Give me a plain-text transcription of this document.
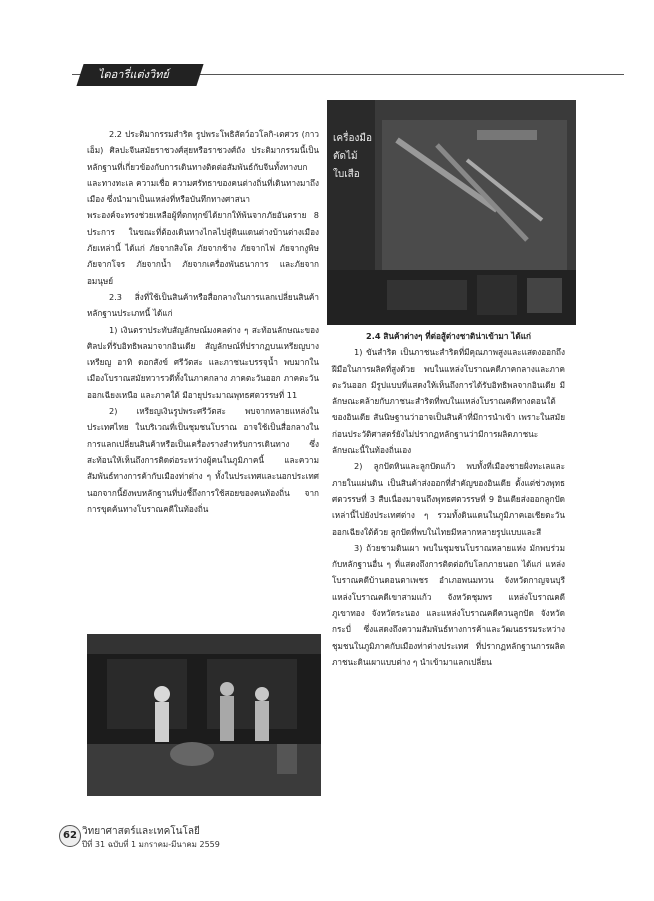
ไดอารี่แต่งวิทย์

2.2 ประติมากรรมสำริด รูปพระโพธิสัตว์อวโลกิ-เตศวร (กาวเอ็ม) ศิลปะจีนสมัยราชวงศ์สุยหรือราชวงศ์ถัง ประติมากรรมนี้เป็นหลักฐานที่เกี่ยวข้องกับการเดินทางติดต่อสัมพันธ์กับจีนทั้งทางบกและทางทะเล ความเชื่อ ความศรัทธาของคนต่างถิ่นที่เดินทางมาถึงเมือง ซึ่งนำมาเป็นแหล่งที่หรือบันทึกทางศาสนา

พระองค์จะทรงช่วยเหลือผู้ที่ตกทุกข์ได้ยากให้พ้นจากภัยอันตราย 8 ประการ ในขณะที่ต้องเดินทางไกลไปสู่ดินแดนต่างบ้านต่างเมือง ภัยเหล่านี้ ได้แก่ ภัยจากสิงโต ภัยจากช้าง ภัยจากไฟ ภัยจากงูพิษ ภัยจากโจร ภัยจากน้ำ ภัยจากเครื่องพันธนาการ และภัยจากอมนุษย์

2.3 สิ่งที่ใช้เป็นสินค้าหรือสื่อกลางในการแลกเปลี่ยนสินค้า หลักฐานประเภทนี้ ได้แก่

1) เงินตราประทับสัญลักษณ์มงคลต่าง ๆ สะท้อนลักษณะของศิลปะที่รับอิทธิพลมาจากอินเดีย สัญลักษณ์ที่ปรากฏบนเหรียญบางเหรียญ อาทิ ดอกสังข์ ศรีวัตสะ และภาชนะบรรจุน้ำ พบมากในเมืองโบราณสมัยทวารวดีทั้งในภาคกลาง ภาคตะวันออก ภาคตะวันออกเฉียงเหนือ และภาคใต้ มีอายุประมาณพุทธศตวรรษที่ 11

2) เหรียญเงินรูปพระศรีวัตสะ พบจากหลายแหล่งในประเทศไทย ในบริเวณที่เป็นชุมชนโบราณ อาจใช้เป็นสื่อกลางในการแลกเปลี่ยนสินค้าหรือเป็นเครื่องรางสำหรับการเดินทาง ซึ่งสะท้อนให้เห็นถึงการติดต่อระหว่างผู้คนในภูมิภาคนี้ และความสัมพันธ์ทางการค้ากับเมืองท่าต่าง ๆ ทั้งในประเทศและนอกประเทศ นอกจากนี้ยังพบหลักฐานที่บ่งชี้ถึงการใช้สอยของคนท้องถิ่น จากการขุดค้นทางโบราณคดีในท้องถิ่น

เครื่องมือ
ตัดไม้
ใบเสือ

2.4 สินค้าต่างๆ ที่ต่อสู้ต่างชาติน่าเข้ามา ได้แก่

1) ขันสำริด เป็นภาชนะสำริดที่มีคุณภาพสูงและแสดงออกถึงฝีมือในการผลิตที่สูงด้วย พบในแหล่งโบราณคดีภาคกลางและภาคตะวันออก มีรูปแบบที่แสดงให้เห็นถึงการได้รับอิทธิพลจากอินเดีย มีลักษณะคล้ายกับภาชนะสำริดที่พบในแหล่งโบราณคดีทางตอนใต้ของอินเดีย สันนิษฐานว่าอาจเป็นสินค้าที่มีการนำเข้า เพราะในสมัยก่อนประวัติศาสตร์ยังไม่ปรากฏหลักฐานว่ามีการผลิตภาชนะลักษณะนี้ในท้องถิ่นเอง

2) ลูกปัดหินและลูกปัดแก้ว พบทั้งที่เมืองชายฝั่งทะเลและภายในแผ่นดิน เป็นสินค้าส่งออกที่สำคัญของอินเดีย ตั้งแต่ช่วงพุทธศตวรรษที่ 3 สืบเนื่องมาจนถึงพุทธศตวรรษที่ 9 อินเดียส่งออกลูกปัดเหล่านี้ไปยังประเทศต่าง ๆ รวมทั้งดินแดนในภูมิภาคเอเชียตะวันออกเฉียงใต้ด้วย ลูกปัดที่พบในไทยมีหลากหลายรูปแบบและสี

3) ถ้วยชามดินเผา พบในชุมชนโบราณหลายแห่ง มักพบร่วมกับหลักฐานอื่น ๆ ที่แสดงถึงการติดต่อกับโลกภายนอก ได้แก่ แหล่งโบราณคดีบ้านดอนตาเพชร อำเภอพนมทวน จังหวัดกาญจนบุรี แหล่งโบราณคดีเขาสามแก้ว จังหวัดชุมพร แหล่งโบราณคดีภูเขาทอง จังหวัดระนอง และแหล่งโบราณคดีควนลูกปัด จังหวัดกระบี่ ซึ่งแสดงถึงความสัมพันธ์ทางการค้าและวัฒนธรรมระหว่างชุมชนในภูมิภาคกับเมืองท่าต่างประเทศ ที่ปรากฏหลักฐานการผลิตภาชนะดินเผาแบบต่าง ๆ นำเข้ามาแลกเปลี่ยน

62 วิทยาศาสตร์และเทคโนโลยี
ปีที่ 31 ฉบับที่ 1 มกราคม-มีนาคม 2559
